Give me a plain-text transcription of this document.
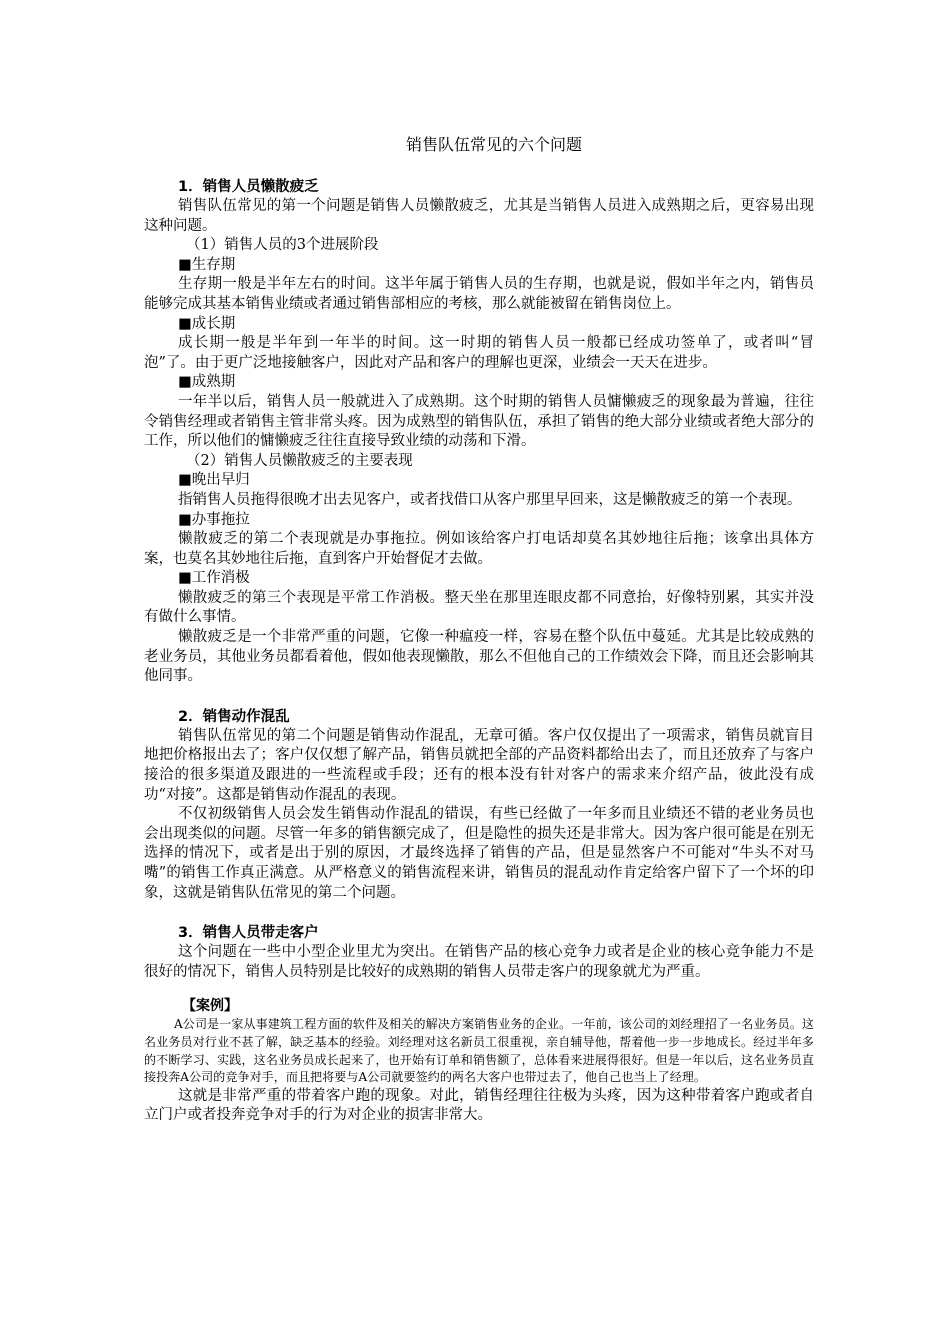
销售队伍常见的六个问题
1．销售人员懒散疲乏

销售队伍常见的第一个问题是销售人员懒散疲乏，尤其是当销售人员进入成熟期之后，更容易出现这种问题。

（1）销售人员的3个进展阶段

■生存期

生存期一般是半年左右的时间。这半年属于销售人员的生存期，也就是说，假如半年之内，销售员能够完成其基本销售业绩或者通过销售部相应的考核，那么就能被留在销售岗位上。

■成长期

成长期一般是半年到一年半的时间。这一时期的销售人员一般都已经成功签单了，或者叫“冒泡”了。由于更广泛地接触客户，因此对产品和客户的理解也更深，业绩会一天天在进步。

■成熟期

一年半以后，销售人员一般就进入了成熟期。这个时期的销售人员慵懒疲乏的现象最为普遍，往往令销售经理或者销售主管非常头疼。因为成熟型的销售队伍，承担了销售的绝大部分业绩或者绝大部分的工作，所以他们的慵懒疲乏往往直接导致业绩的动荡和下滑。

（2）销售人员懒散疲乏的主要表现

■晚出早归

指销售人员拖得很晚才出去见客户，或者找借口从客户那里早回来，这是懒散疲乏的第一个表现。

■办事拖拉

懒散疲乏的第二个表现就是办事拖拉。例如该给客户打电话却莫名其妙地往后拖；该拿出具体方案，也莫名其妙地往后拖，直到客户开始督促才去做。

■工作消极

懒散疲乏的第三个表现是平常工作消极。整天坐在那里连眼皮都不同意抬，好像特别累，其实并没有做什么事情。

懒散疲乏是一个非常严重的问题，它像一种瘟疫一样，容易在整个队伍中蔓延。尤其是比较成熟的老业务员，其他业务员都看着他，假如他表现懒散，那么不但他自己的工作绩效会下降，而且还会影响其他同事。

2．销售动作混乱

销售队伍常见的第二个问题是销售动作混乱，无章可循。客户仅仅提出了一项需求，销售员就盲目地把价格报出去了；客户仅仅想了解产品，销售员就把全部的产品资料都给出去了，而且还放弃了与客户接洽的很多渠道及跟进的一些流程或手段；还有的根本没有针对客户的需求来介绍产品，彼此没有成功“对接”。这都是销售动作混乱的表现。

不仅初级销售人员会发生销售动作混乱的错误，有些已经做了一年多而且业绩还不错的老业务员也会出现类似的问题。尽管一年多的销售额完成了，但是隐性的损失还是非常大。因为客户很可能是在别无选择的情况下，或者是出于别的原因，才最终选择了销售的产品，但是显然客户不可能对“牛头不对马嘴”的销售工作真正满意。从严格意义的销售流程来讲，销售员的混乱动作肯定给客户留下了一个坏的印象，这就是销售队伍常见的第二个问题。

3．销售人员带走客户

这个问题在一些中小型企业里尤为突出。在销售产品的核心竞争力或者是企业的核心竞争能力不是很好的情况下，销售人员特别是比较好的成熟期的销售人员带走客户的现象就尤为严重。

【案例】

A公司是一家从事建筑工程方面的软件及相关的解决方案销售业务的企业。一年前，该公司的刘经理招了一名业务员。这名业务员对行业不甚了解，缺乏基本的经验。刘经理对这名新员工很重视，亲自辅导他，帮着他一步一步地成长。经过半年多的不断学习、实践，这名业务员成长起来了，也开始有订单和销售额了，总体看来进展得很好。但是一年以后，这名业务员直接投奔A公司的竞争对手，而且把将要与A公司就要签约的两名大客户也带过去了，他自己也当上了经理。

这就是非常严重的带着客户跑的现象。对此，销售经理往往极为头疼，因为这种带着客户跑或者自立门户或者投奔竞争对手的行为对企业的损害非常大。
